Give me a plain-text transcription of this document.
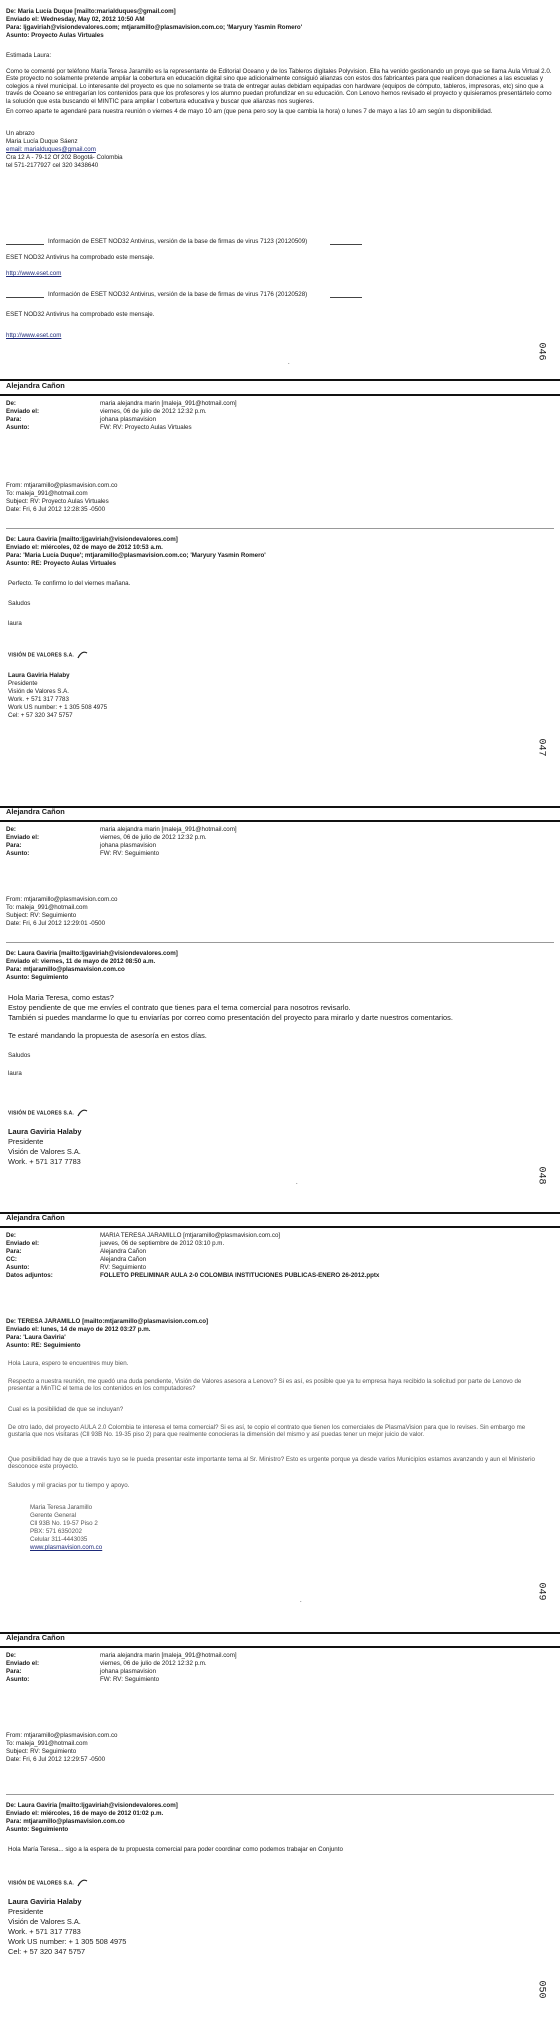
De: Maria Lucía Duque [mailto:marialduques@gmail.com]
Enviado el: Wednesday, May 02, 2012 10:50 AM
Para: ljgaviriah@visiondevalores.com; mtjaramillo@plasmavision.com.co; 'Maryury Yasmin Romero'
Asunto: Proyecto Aulas Virtuales
Estimada Laura:
Como te comenté por teléfono María Teresa Jaramillo es la representante de Editorial Oceano y de los Tableros digitales Polyvision. Ella ha venido gestionando un proye que se llama Aula Virtual 2.0. Este proyecto no solamente pretende ampliar la cobertura en educación digital sino que adicionalmente consiguió alianzas con estos dos fabricantes para que realicen donaciones a las escuelas y colegios a nivel municipal. Lo interesante del proyecto es que no solamente se trata de entregar aulas debidam equipadas con hardware (equipos de cómputo, tableros, impresoras, etc) sino que a través de Oceano se entregarían los contenidos para que los profesores y los alumno puedan profundizar en su educación. Con Lenovo hemos revisado el proyecto y quisieramos presentártelo como la solución que esta buscando el MINTIC para ampliar l cobertura educativa y buscar que alianzas nos sugieres.
En correo aparte te agendaré para nuestra reunión o viernes 4 de mayo 10 am (que pena pero soy la que cambia la hora) o lunes 7 de mayo a las 10 am según tu disponibilidad.
Un abrazo
Maria Lucía Duque Sáenz
email: marialduques@gmail.com
Cra 12 A - 79-12 Of 202 Bogotá- Colombia
tel 571-2177927 cel 320 3438640
Información de ESET NOD32 Antivirus, versión de la base de firmas de virus 7123 (20120509)
ESET NOD32 Antivirus ha comprobado este mensaje.
http://www.eset.com
Información de ESET NOD32 Antivirus, versión de la base de firmas de virus 7176 (20120528)
ESET NOD32 Antivirus ha comprobado este mensaje.
http://www.eset.com
046
.
Alejandra Cañon
De:
Enviado el:
Para:
Asunto:
maria alejandra marin [maleja_991@hotmail.com]
viernes, 06 de julio de 2012 12:32 p.m.
johana plasmavision
FW: RV: Proyecto Aulas Virtuales
From: mtjaramillo@plasmavision.com.co
To: maleja_991@hotmail.com
Subject: RV: Proyecto Aulas Virtuales
Date: Fri, 6 Jul 2012 12:28:35 -0500
De: Laura Gaviria [mailto:ljgaviriah@visiondevalores.com]
Enviado el: miércoles, 02 de mayo de 2012 10:53 a.m.
Para: 'Maria Lucía Duque'; mtjaramillo@plasmavision.com.co; 'Maryury Yasmin Romero'
Asunto: RE: Proyecto Aulas Virtuales
Perfecto. Te confirmo lo del viernes mañana.
Saludos
laura
VISIÓN DE VALORES S.A.
Laura Gaviria Halaby
Presidente
Visión de Valores S.A.
Work. + 571 317 7783
Work US number: + 1 305 508 4975
Cel: + 57 320 347 5757
047
Alejandra Cañon
De:
Enviado el:
Para:
Asunto:
maria alejandra marin [maleja_991@hotmail.com]
viernes, 06 de julio de 2012 12:32 p.m.
johana plasmavision
FW: RV: Seguimiento
From: mtjaramillo@plasmavision.com.co
To: maleja_991@hotmail.com
Subject: RV: Seguimiento
Date: Fri, 6 Jul 2012 12:29:01 -0500
De: Laura Gaviria [mailto:ljgaviriah@visiondevalores.com]
Enviado el: viernes, 11 de mayo de 2012 08:50 a.m.
Para: mtjaramillo@plasmavision.com.co
Asunto: Seguimiento
Hola Maria Teresa, como estas?
Estoy pendiente de que me envíes el contrato que tienes para el tema comercial para nosotros revisarlo.
También si puedes mandarme lo que tu enviarías por correo como presentación del proyecto para mirarlo y darte nuestros comentarios.
Te estaré mandando la propuesta de asesoría en estos días.
Saludos
laura
VISIÓN DE VALORES S.A.
Laura Gaviria Halaby
Presidente
Visión de Valores S.A.
Work. + 571 317 7783
048
.
Alejandra Cañon
De:
Enviado el:
Para:
CC:
Asunto:
Datos adjuntos:
MARIA TERESA JARAMILLO [mtjaramillo@plasmavision.com.co]
jueves, 06 de septiembre de 2012 03:10 p.m.
Alejandra Cañon
Alejandra Cañon
RV: Seguimiento
FOLLETO PRELIMINAR AULA 2-0 COLOMBIA INSTITUCIONES PUBLICAS-ENERO 26-2012.pptx
De: TERESA JARAMILLO [mailto:mtjaramillo@plasmavision.com.co]
Enviado el: lunes, 14 de mayo de 2012 03:27 p.m.
Para: 'Laura Gaviria'
Asunto: RE: Seguimiento
Hola Laura, espero te encuentres muy bien.
Respecto a nuestra reunión, me quedó una duda pendiente, Visión de Valores asesora a Lenovo? Si es así, es posible que ya tu empresa haya recibido la solicitud por parte de Lenovo de presentar a MinTIC el tema de los contenidos en los computadores?
Cual es la posibilidad de que se incluyan?
De otro lado, del proyecto AULA 2.0 Colombia te interesa el tema comercial? Si es así, te copio el contrato que tienen los comerciales de PlasmaVision para que lo revises. Sin embargo me gustaría que nos visitaras (Cll 93B No. 19-35 piso 2) para que realmente conocieras la dimensión del mismo y así puedas tener un mejor juicio de valor.
Que posibilidad hay de que a través tuyo se le pueda presentar este importante tema al Sr. Ministro? Esto es urgente porque ya desde varios Municipios estamos avanzando y aun el Ministerio desconoce este proyecto.
Saludos y mil gracias por tu tiempo y apoyo.
Maria Teresa Jaramillo
Gerente General
Cll 93B No. 19-57 Piso 2
PBX: 571 6350202
Celular 311-4443035
www.plasmavision.com.co
049
.
Alejandra Cañon
De:
Enviado el:
Para:
Asunto:
maria alejandra marin [maleja_991@hotmail.com]
viernes, 06 de julio de 2012 12:32 p.m.
johana plasmavision
FW: RV: Seguimiento
From: mtjaramillo@plasmavision.com.co
To: maleja_991@hotmail.com
Subject: RV: Seguimiento
Date: Fri, 6 Jul 2012 12:29:57 -0500
De: Laura Gaviria [mailto:ljgaviriah@visiondevalores.com]
Enviado el: miércoles, 16 de mayo de 2012 01:02 p.m.
Para: mtjaramillo@plasmavision.com.co
Asunto: Seguimiento
Hola María Teresa... sigo a la espera de tu propuesta comercial para poder coordinar como podemos trabajar en Conjunto
VISIÓN DE VALORES S.A.
Laura Gaviria Halaby
Presidente
Visión de Valores S.A.
Work. + 571 317 7783
Work US number: + 1 305 508 4975
Cel: + 57 320 347 5757
050
